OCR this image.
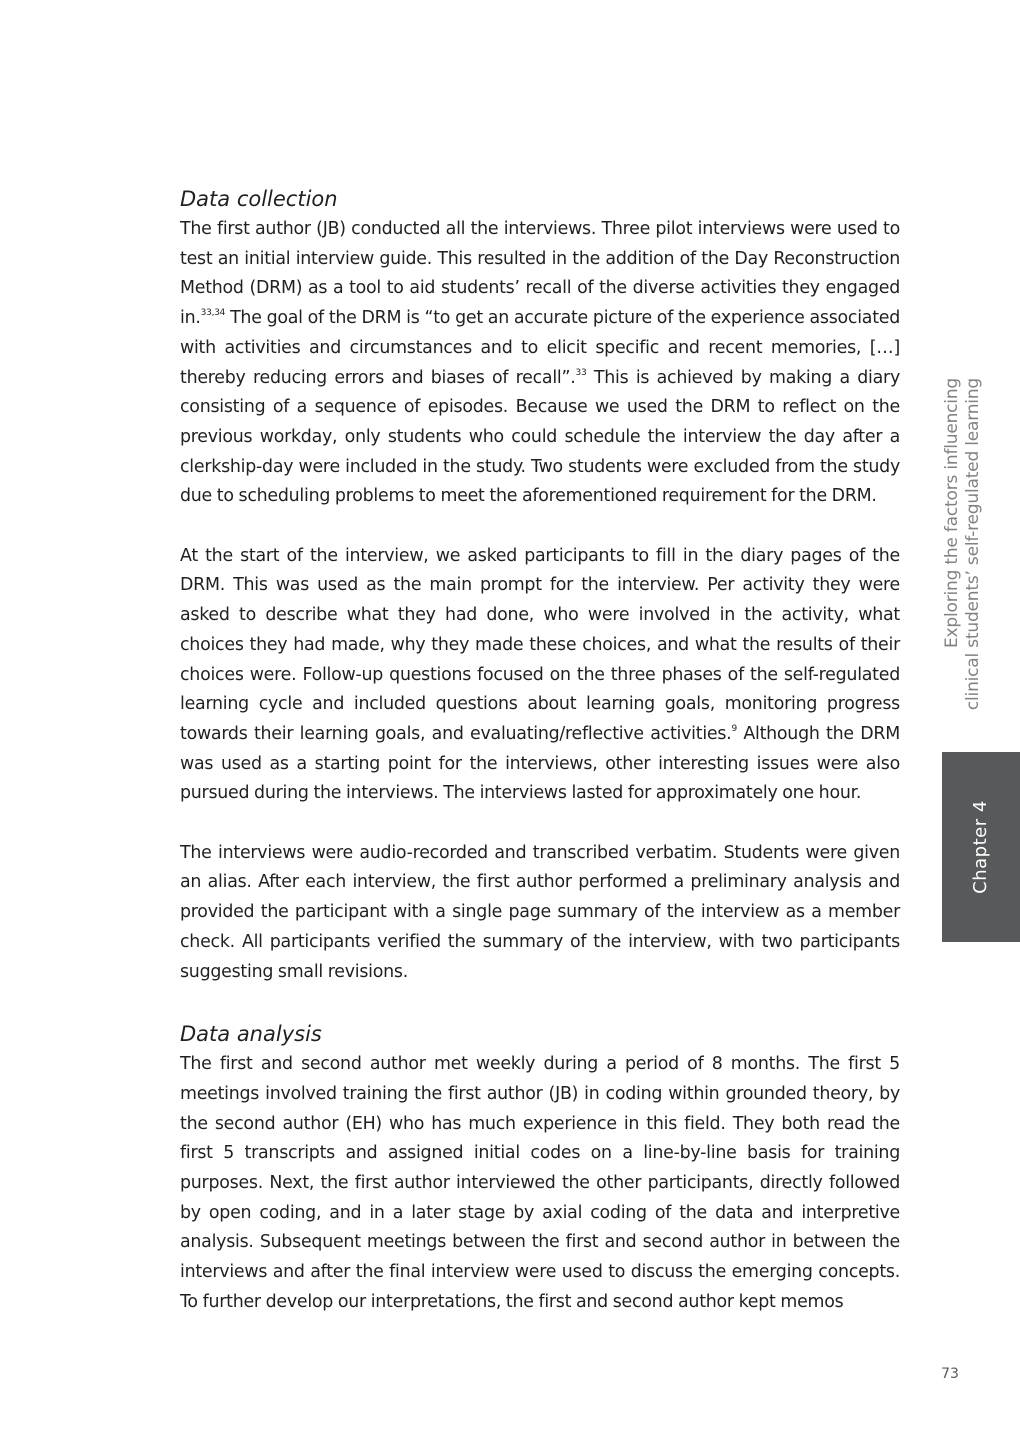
Data collection

The first author (JB) conducted all the interviews. Three pilot interviews were used to test an initial interview guide. This resulted in the addition of the Day Reconstruction Method (DRM) as a tool to aid students’ recall of the diverse activities they engaged in.$^{33,34}$ The goal of the DRM is “to get an accurate picture of the experience associated with activities and circumstances and to elicit specific and recent memories, […] thereby reducing errors and biases of recall”.$^{33}$ This is achieved by making a diary consisting of a sequence of episodes. Because we used the DRM to reflect on the previous workday, only students who could schedule the interview the day after a clerkship-day were included in the study. Two students were excluded from the study due to scheduling problems to meet the aforementioned requirement for the DRM.

At the start of the interview, we asked participants to fill in the diary pages of the DRM. This was used as the main prompt for the interview. Per activity they were asked to describe what they had done, who were involved in the activity, what choices they had made, why they made these choices, and what the results of their choices were. Follow-up questions focused on the three phases of the self-regulated learning cycle and included questions about learning goals, monitoring progress towards their learning goals, and evaluating/reflective activities.$^9$ Although the DRM was used as a starting point for the interviews, other interesting issues were also pursued during the interviews. The interviews lasted for approximately one hour.

The interviews were audio-recorded and transcribed verbatim. Students were given an alias. After each interview, the first author performed a preliminary analysis and provided the participant with a single page summary of the interview as a member check. All participants verified the summary of the interview, with two participants suggesting small revisions.

Data analysis

The first and second author met weekly during a period of 8 months. The first 5 meetings involved training the first author (JB) in coding within grounded theory, by the second author (EH) who has much experience in this field. They both read the first 5 transcripts and assigned initial codes on a line-by-line basis for training purposes. Next, the first author interviewed the other participants, directly followed by open coding, and in a later stage by axial coding of the data and interpretive analysis. Subsequent meetings between the first and second author in between the interviews and after the final interview were used to discuss the emerging concepts. To further develop our interpretations, the first and second author kept memos

Exploring the factors influencing clinical students’ self-regulated learning
Chapter 4
73
